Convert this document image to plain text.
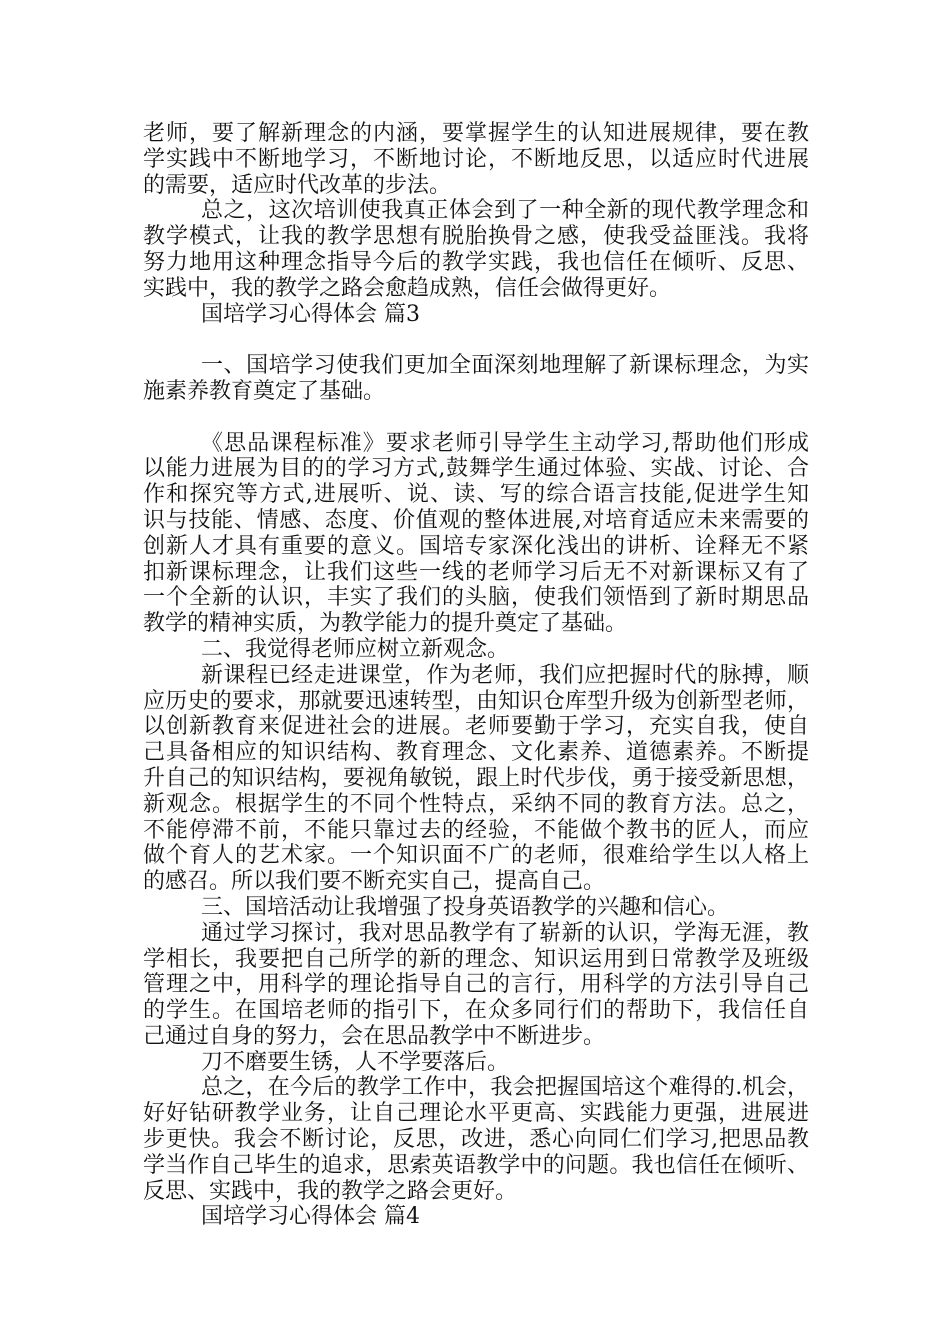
老师，要了解新理念的内涵，要掌握学生的认知进展规律，要在教
学实践中不断地学习，不断地讨论，不断地反思，以适应时代进展
的需要，适应时代改革的步法。
总之，这次培训使我真正体会到了一种全新的现代教学理念和
教学模式，让我的教学思想有脱胎换骨之感，使我受益匪浅。我将
努力地用这种理念指导今后的教学实践，我也信任在倾听、反思、
实践中，我的教学之路会愈趋成熟，信任会做得更好。
国培学习心得体会 篇3
一、国培学习使我们更加全面深刻地理解了新课标理念，为实
施素养教育奠定了基础。
《思品课程标准》要求老师引导学生主动学习,帮助他们形成
以能力进展为目的的学习方式,鼓舞学生通过体验、实战、讨论、合
作和探究等方式,进展听、说、读、写的综合语言技能,促进学生知
识与技能、情感、态度、价值观的整体进展,对培育适应未来需要的
创新人才具有重要的意义。国培专家深化浅出的讲析、诠释无不紧
扣新课标理念，让我们这些一线的老师学习后无不对新课标又有了
一个全新的认识，丰实了我们的头脑，使我们领悟到了新时期思品
教学的精神实质，为教学能力的提升奠定了基础。
二、我觉得老师应树立新观念。
新课程已经走进课堂，作为老师，我们应把握时代的脉搏，顺
应历史的要求，那就要迅速转型，由知识仓库型升级为创新型老师，
以创新教育来促进社会的进展。老师要勤于学习，充实自我，使自
己具备相应的知识结构、教育理念、文化素养、道德素养。不断提
升自己的知识结构，要视角敏锐，跟上时代步伐，勇于接受新思想，
新观念。根据学生的不同个性特点，采纳不同的教育方法。总之，
不能停滞不前，不能只靠过去的经验，不能做个教书的匠人，而应
做个育人的艺术家。一个知识面不广的老师，很难给学生以人格上
的感召。所以我们要不断充实自己，提高自己。
三、国培活动让我增强了投身英语教学的兴趣和信心。
通过学习探讨，我对思品教学有了崭新的认识，学海无涯，教
学相长，我要把自己所学的新的理念、知识运用到日常教学及班级
管理之中，用科学的理论指导自己的言行，用科学的方法引导自己
的学生。在国培老师的指引下，在众多同行们的帮助下，我信任自
己通过自身的努力，会在思品教学中不断进步。
刀不磨要生锈，人不学要落后。
总之，在今后的教学工作中，我会把握国培这个难得的.机会，
好好钻研教学业务，让自己理论水平更高、实践能力更强，进展进
步更快。我会不断讨论，反思，改进，悉心向同仁们学习,把思品教
学当作自己毕生的追求，思索英语教学中的问题。我也信任在倾听、
反思、实践中，我的教学之路会更好。
国培学习心得体会 篇4
